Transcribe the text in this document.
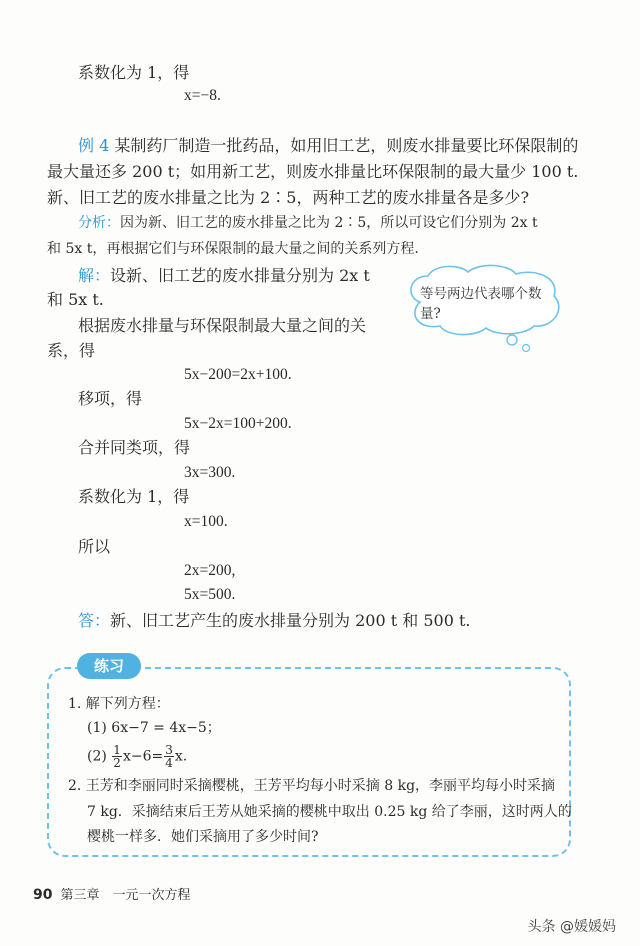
系数化为 1，得
x=−8.
例 4 某制药厂制造一批药品，如用旧工艺，则废水排量要比环保限制的
最大量还多 200 t；如用新工艺，则废水排量比环保限制的最大量少 100 t.
新、旧工艺的废水排量之比为 2∶5，两种工艺的废水排量各是多少?
分析：因为新、旧工艺的废水排量之比为 2∶5，所以可设它们分别为 2x t
和 5x t，再根据它们与环保限制的最大量之间的关系列方程.
解：设新、旧工艺的废水排量分别为 2x t
和 5x t.
根据废水排量与环保限制最大量之间的关
系，得
5x−200=2x+100.
移项，得
5x−2x=100+200.
合并同类项，得
3x=300.
系数化为 1，得
x=100.
所以
2x=200,
5x=500.
答：新、旧工艺产生的废水排量分别为 200 t 和 500 t.
等号两边代表哪个数量?
练习
1. 解下列方程：
(1) 6x−7 = 4x−5；
$(2) \frac{1}{2} x-6= \frac{3}{4} x$.
2. 王芳和李丽同时采摘樱桃，王芳平均每小时采摘 8 kg，李丽平均每小时采摘
7 kg．采摘结束后王芳从她采摘的樱桃中取出 0.25 kg 给了李丽，这时两人的
樱桃一样多．她们采摘用了多少时间?
90 第三章　一元一次方程
头条 @媛媛妈
